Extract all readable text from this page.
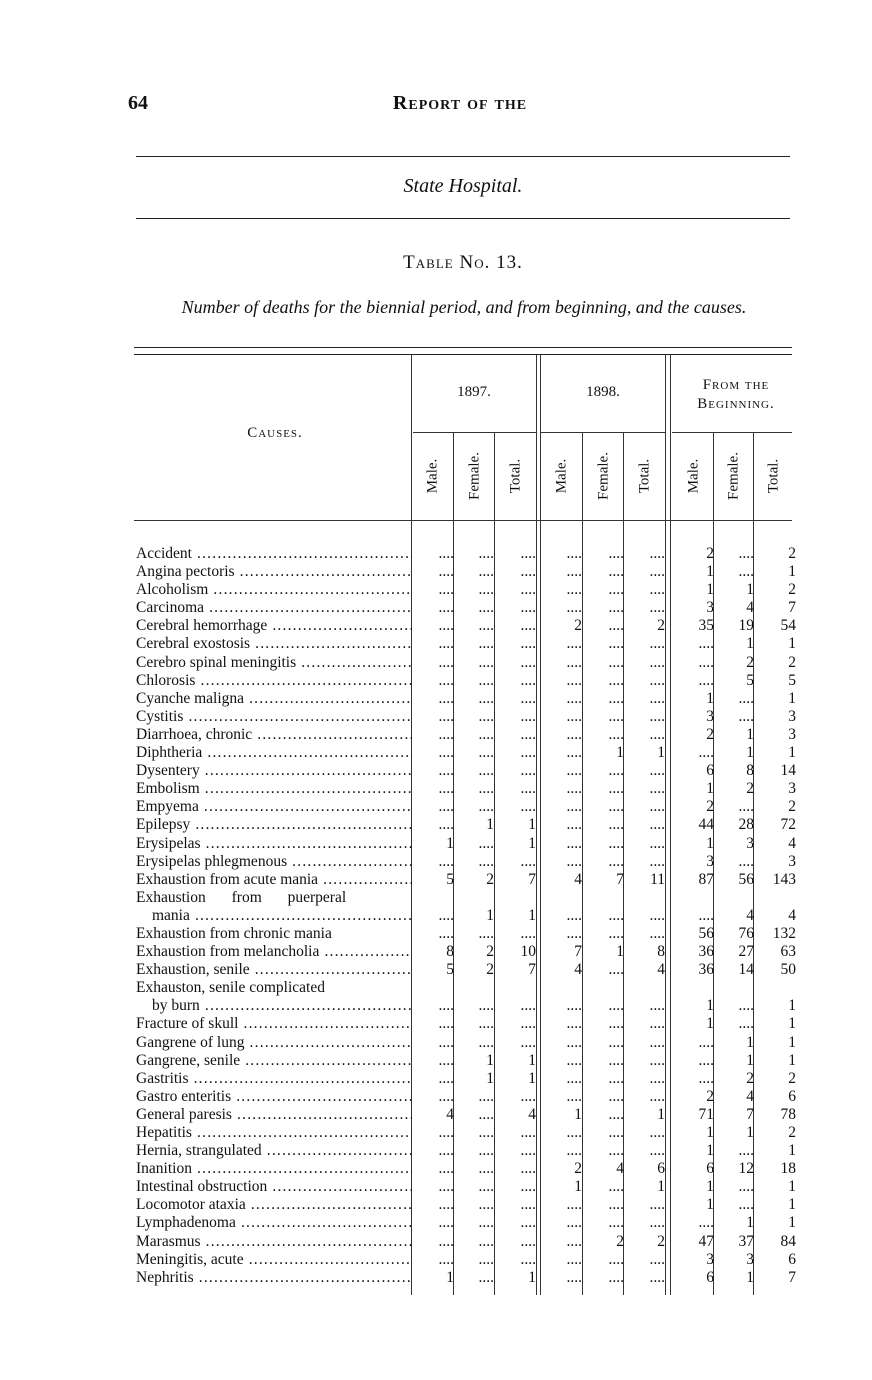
64	Report of the
State Hospital.
Table No. 13.
Number of deaths for the biennial period, and from beginning, and the causes.
Causes.
1897.	1898.	From the Beginning.
Male. Female. Total. Male. Female. Total. Male. Female. Total.
Accident .....	.... .... .... .... .... ....	2 .... 2
Angina pectoris .....	.... .... .... .... .... ....	1 .... 1
Alcoholism .....	.... .... .... .... .... ....	1 1 2
Carcinoma .....	.... .... .... .... .... ....	3 4 7
Cerebral hemorrhage .....	.... .... .... 2 .... 2 35 19 54
Cerebral exostosis .....	.... .... .... .... .... .... .... 1 1
Cerebro spinal meningitis .....	.... .... .... .... .... .... .... 2 2
Chlorosis .....	.... .... .... .... .... .... .... 5 5
Cyanche maligna .....	.... .... .... .... .... ....	1 .... 1
Cystitis .....	.... .... .... .... .... ....	3 .... 3
Diarrhoea, chronic .....	.... .... .... .... .... ....	2 1 3
Diphtheria .....	.... .... .... .... 1 1 .... 1 1
Dysentery .....	.... .... .... .... .... ....	6 8 14
Embolism .....	.... .... .... .... .... ....	1 2 3
Empyema .....	.... .... .... .... .... ....	2 .... 2
Epilepsy .....	.... 1 1 .... .... .... 44 28 72
Erysipelas .....	1 .... 1 .... .... ....	1 3 4
Erysipelas phlegmenous .....	.... .... .... .... .... ....	3 .... 3
Exhaustion from acute mania .....	5 2 7 4 7 11 87 56 143
Exhaustion from puerperal
mania .....	.... 1 1 .... .... .... .... 4 4
Exhaustion from chronic mania	.... .... .... .... .... .... 56 76 132
Exhaustion from melancholia .....	8 2 10 7 1 8 36 27 63
Exhaustion, senile .....	5 2 7 4 .... 4 36 14 50
Exhauston, senile complicated
by burn .....	.... .... .... .... .... ....	1 .... 1
Fracture of skull .....	.... .... .... .... .... ....	1 .... 1
Gangrene of lung .....	.... .... .... .... .... .... .... 1 1
Gangrene, senile .....	.... 1 1 .... .... .... .... 1 1
Gastritis .....	.... 1 1 .... .... .... .... 2 2
Gastro enteritis .....	.... .... .... .... .... ....	2 4 6
General paresis .....	4 .... 4 1 .... 1 71 7 78
Hepatitis .....	.... .... .... .... .... ....	1 1 2
Hernia, strangulated .....	.... .... .... .... .... ....	1 .... 1
Inanition .....	.... .... .... 2 4 6	6 12 18
Intestinal obstruction .....	.... .... .... 1 .... 1	1 .... 1
Locomotor ataxia .....	.... .... .... .... .... ....	1 .... 1
Lymphadenoma .....	.... .... .... .... .... .... .... 1 1
Marasmus .....	.... .... .... .... 2 2 47 37 84
Meningitis, acute .....	.... .... .... .... .... ....	3 3 6
Nephritis .....	1 .... 1 .... .... ....	6 1 7
